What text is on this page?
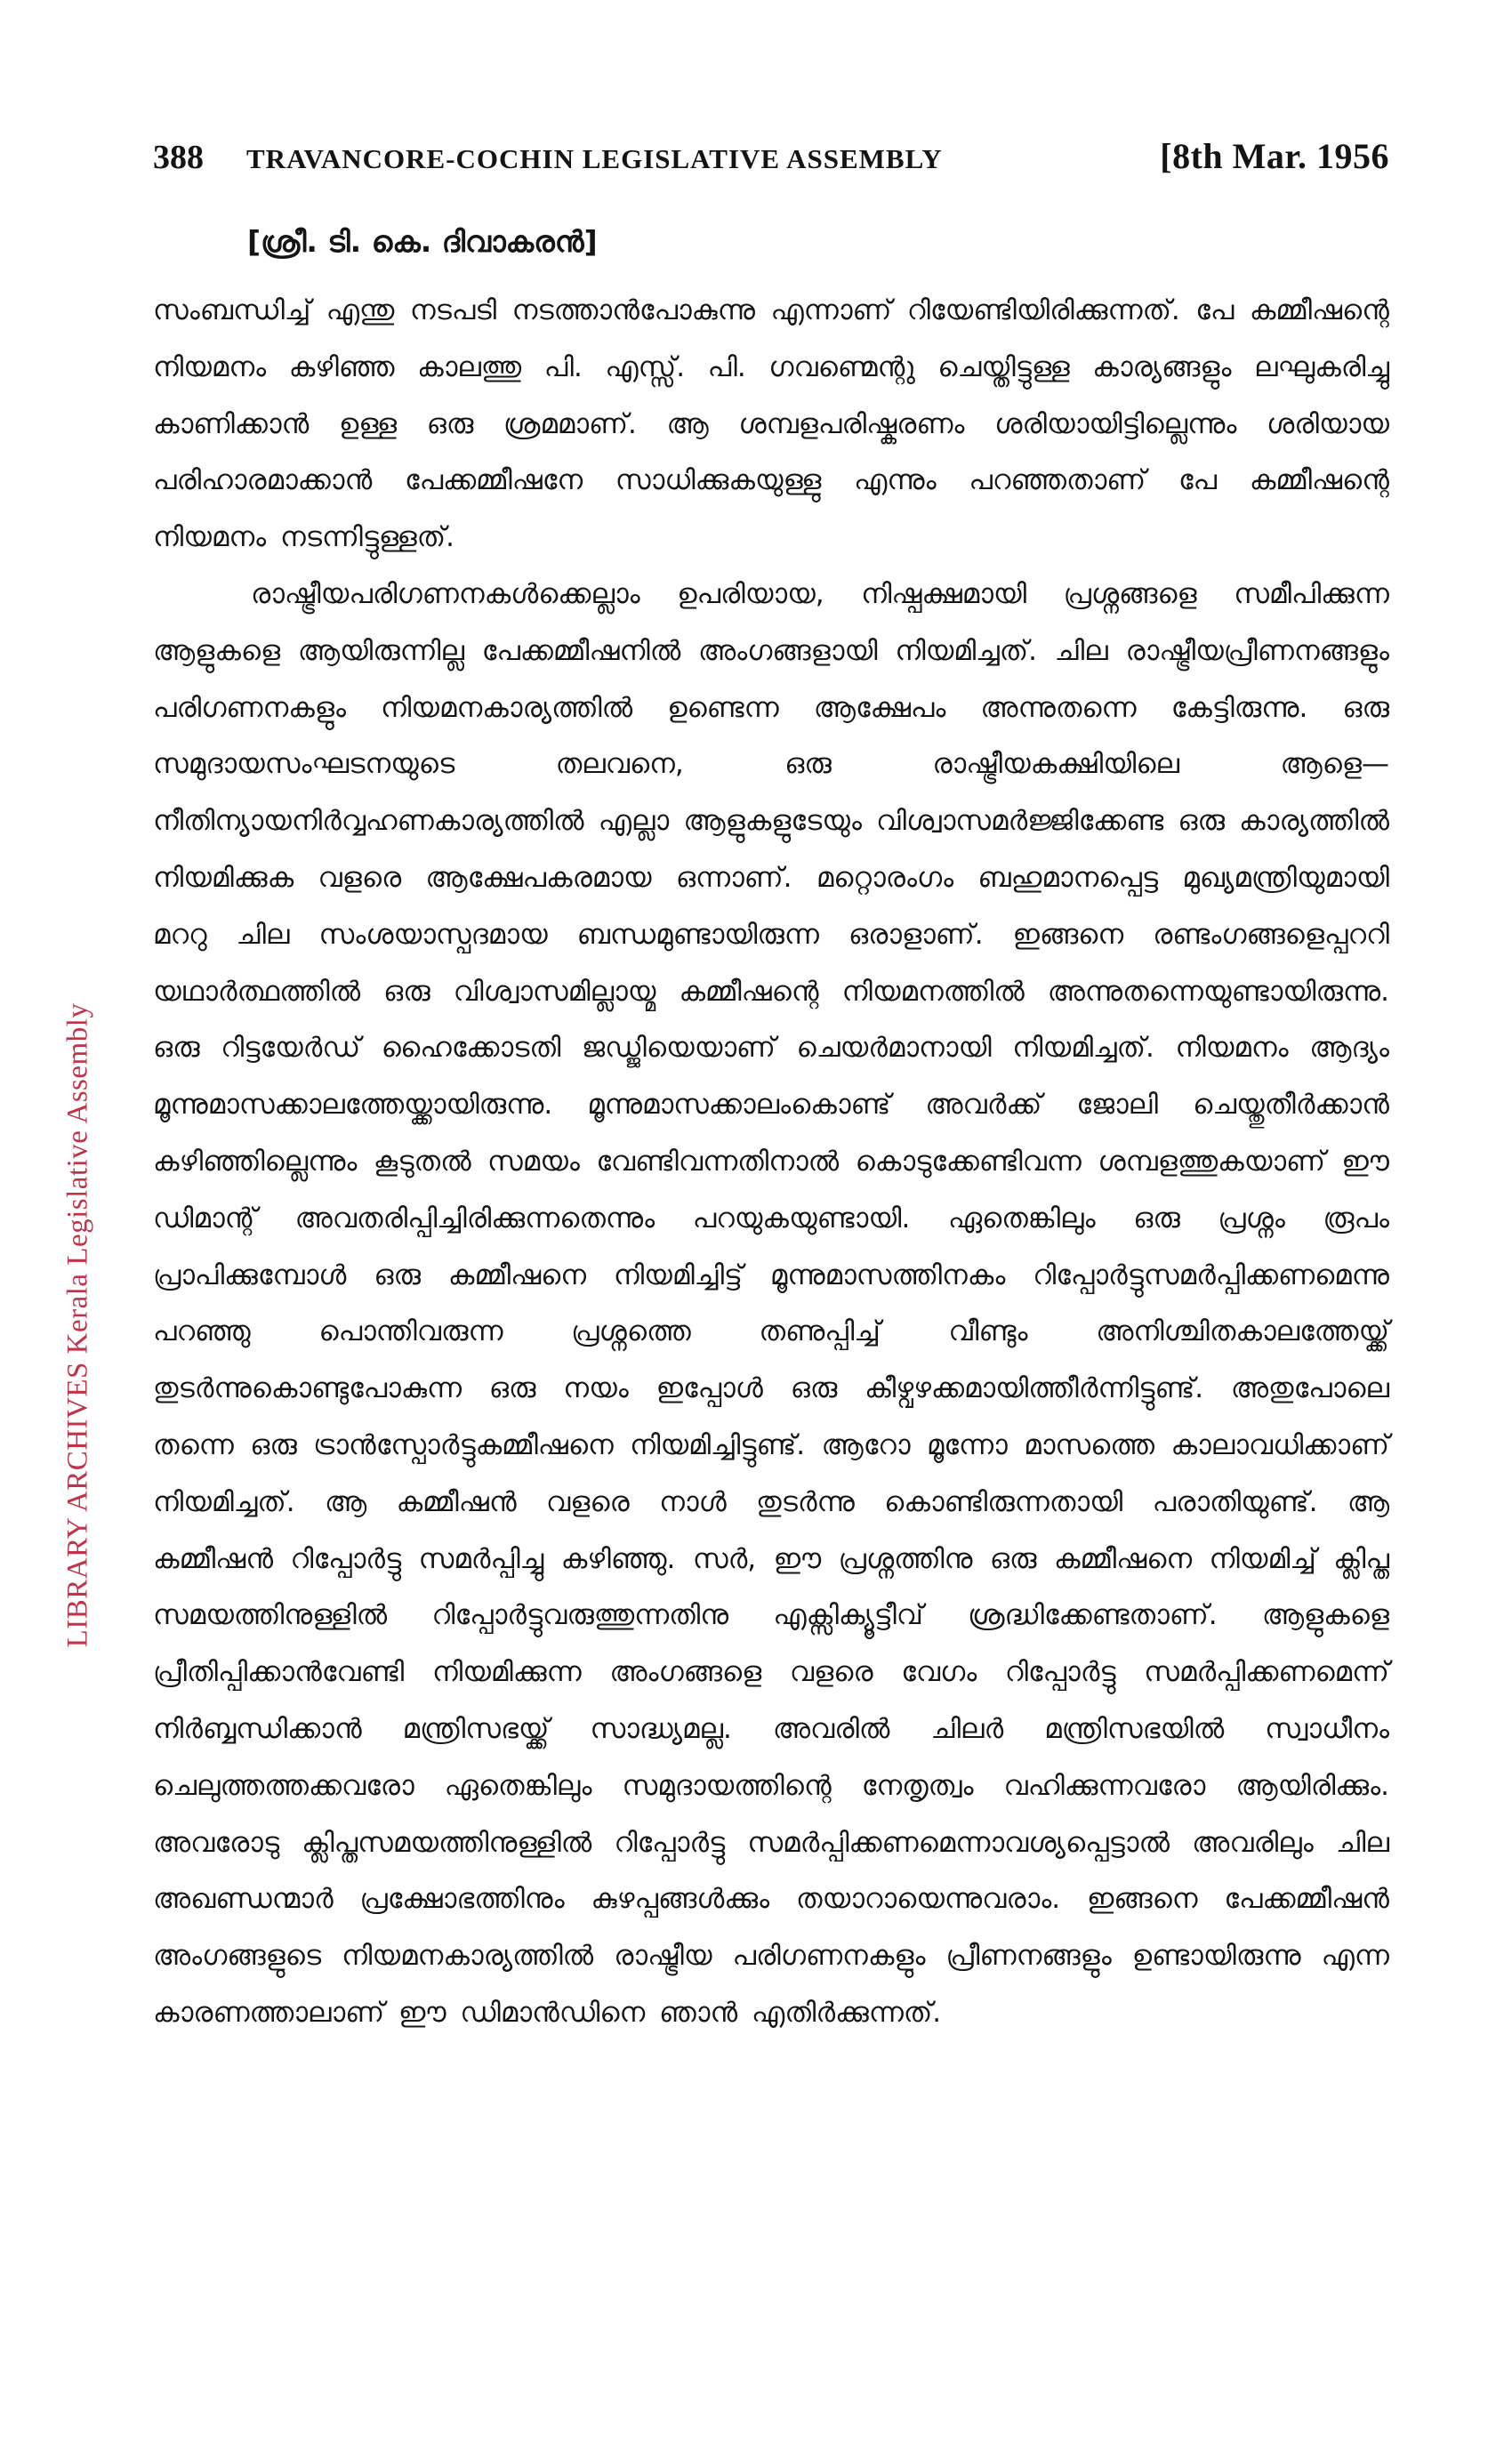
LIBRARY ARCHIVES Kerala Legislative Assembly
388 TRAVANCORE-COCHIN LEGISLATIVE ASSEMBLY	[8th Mar. 1956
[ശ്രീ. ടി. കെ. ദിവാകരൻ]

സംബന്ധിച്ച് എന്തു നടപടി നടത്താൻപോകുന്നു എന്നാണ് റിയേണ്ടിയിരിക്കുന്നത്. പേ കമ്മീഷന്റെ നിയമനം കഴിഞ്ഞ കാലത്തു പി. എസ്സ്. പി. ഗവണ്മെന്റു ചെയ്തിട്ടുള്ള കാര്യങ്ങളും ലഘുകരിച്ചു കാണിക്കാൻ ഉള്ള ഒരു ശ്രമമാണ്. ആ ശമ്പളപരിഷ്കരണം ശരിയായിട്ടില്ലെന്നും ശരിയായ പരിഹാരമാക്കാൻ പേക്കമ്മീഷനേ സാധിക്കുകയുള്ളു എന്നും പറഞ്ഞതാണ് പേ കമ്മീഷന്റെ നിയമനം നടന്നിട്ടുള്ളത്.

രാഷ്ട്രീയപരിഗണനകൾക്കെല്ലാം ഉപരിയായ, നിഷ്പക്ഷമായി പ്രശ്നങ്ങളെ സമീപിക്കുന്ന ആളുകളെ ആയിരുന്നില്ല പേക്കമ്മീഷനിൽ അംഗങ്ങളായി നിയമിച്ചത്. ചില രാഷ്ട്രീയപ്രീണനങ്ങളും പരിഗണനകളും നിയമനകാര്യത്തിൽ ഉണ്ടെന്ന ആക്ഷേപം അന്നുതന്നെ കേട്ടിരുന്നു. ഒരു സമുദായസംഘടനയുടെ തലവനെ, ഒരു രാഷ്ട്രീയകക്ഷിയിലെ ആളെ—നീതിന്യായനിർവ്വഹണകാര്യത്തിൽ എല്ലാ ആളുകളുടേയും വിശ്വാസമർജ്ജിക്കേണ്ട ഒരു കാര്യത്തിൽ നിയമിക്കുക വളരെ ആക്ഷേപകരമായ ഒന്നാണ്. മറ്റൊരംഗം ബഹുമാനപ്പെട്ട മുഖ്യമന്ത്രിയുമായി മററു ചില സംശയാസ്പദമായ ബന്ധമുണ്ടായിരുന്ന ഒരാളാണ്. ഇങ്ങനെ രണ്ടംഗങ്ങളെപ്പററി യഥാർത്ഥത്തിൽ ഒരു വിശ്വാസമില്ലായ്മ കമ്മീഷന്റെ നിയമനത്തിൽ അന്നുതന്നെയുണ്ടായിരുന്നു. ഒരു റിട്ടയേർഡ് ഹൈക്കോടതി ജഡ്ജിയെയാണ് ചെയർമാനായി നിയമിച്ചത്. നിയമനം ആദ്യം മൂന്നുമാസക്കാലത്തേയ്ക്കായിരുന്നു. മൂന്നുമാസക്കാലംകൊണ്ട് അവർക്ക് ജോലി ചെയ്തുതീർക്കാൻ കഴിഞ്ഞില്ലെന്നും കൂടുതൽ സമയം വേണ്ടിവന്നതിനാൽ കൊടുക്കേണ്ടിവന്ന ശമ്പളത്തുകയാണ് ഈ ഡിമാന്റ് അവതരിപ്പിച്ചിരിക്കുന്നതെന്നും പറയുകയുണ്ടായി. ഏതെങ്കിലും ഒരു പ്രശ്നം രൂപം പ്രാപിക്കുമ്പോൾ ഒരു കമ്മീഷനെ നിയമിച്ചിട്ട് മൂന്നുമാസത്തിനകം റിപ്പോർട്ടുസമർപ്പിക്കണമെന്നു പറഞ്ഞു പൊന്തിവരുന്ന പ്രശ്നത്തെ തണുപ്പിച്ച് വീണ്ടും അനിശ്ചിതകാലത്തേയ്ക്ക് തുടർന്നുകൊണ്ടുപോകുന്ന ഒരു നയം ഇപ്പോൾ ഒരു കീഴ്വഴക്കമായിത്തീർന്നിട്ടുണ്ട്. അതുപോലെ തന്നെ ഒരു ട്രാൻസ്പോർട്ടുകമ്മീഷനെ നിയമിച്ചിട്ടുണ്ട്. ആറോ മൂന്നോ മാസത്തെ കാലാവധിക്കാണ് നിയമിച്ചത്. ആ കമ്മീഷൻ വളരെ നാൾ തുടർന്നു കൊണ്ടിരുന്നതായി പരാതിയുണ്ട്. ആ കമ്മീഷൻ റിപ്പോർട്ടു സമർപ്പിച്ചു കഴിഞ്ഞു. സർ, ഈ പ്രശ്നത്തിനു ഒരു കമ്മീഷനെ നിയമിച്ച് ക്ലിപ്ത സമയത്തിനുള്ളിൽ റിപ്പോർട്ടുവരുത്തുന്നതിനു എക്സിക്യൂട്ടീവ് ശ്രദ്ധിക്കേണ്ടതാണ്. ആളുകളെ പ്രീതിപ്പിക്കാൻവേണ്ടി നിയമിക്കുന്ന അംഗങ്ങളെ വളരെ വേഗം റിപ്പോർട്ടു സമർപ്പിക്കണമെന്ന് നിർബ്ബന്ധിക്കാൻ മന്ത്രിസഭയ്ക്ക് സാദ്ധ്യമല്ല. അവരിൽ ചിലർ മന്ത്രിസഭയിൽ സ്വാധീനം ചെലുത്തത്തക്കവരോ ഏതെങ്കിലും സമുദായത്തിന്റെ നേതൃത്വം വഹിക്കുന്നവരോ ആയിരിക്കും. അവരോടു ക്ലിപ്തസമയത്തിനുള്ളിൽ റിപ്പോർട്ടു സമർപ്പിക്കണമെന്നാവശ്യപ്പെട്ടാൽ അവരിലും ചില അഖണ്ഡന്മാർ പ്രക്ഷോഭത്തിനും കുഴപ്പങ്ങൾക്കും തയാറായെന്നുവരാം. ഇങ്ങനെ പേക്കമ്മീഷൻ അംഗങ്ങളുടെ നിയമനകാര്യത്തിൽ രാഷ്ട്രീയ പരിഗണനകളും പ്രീണനങ്ങളും ഉണ്ടായിരുന്നു എന്ന കാരണത്താലാണ് ഈ ഡിമാൻഡിനെ ഞാൻ എതിർക്കുന്നത്.
